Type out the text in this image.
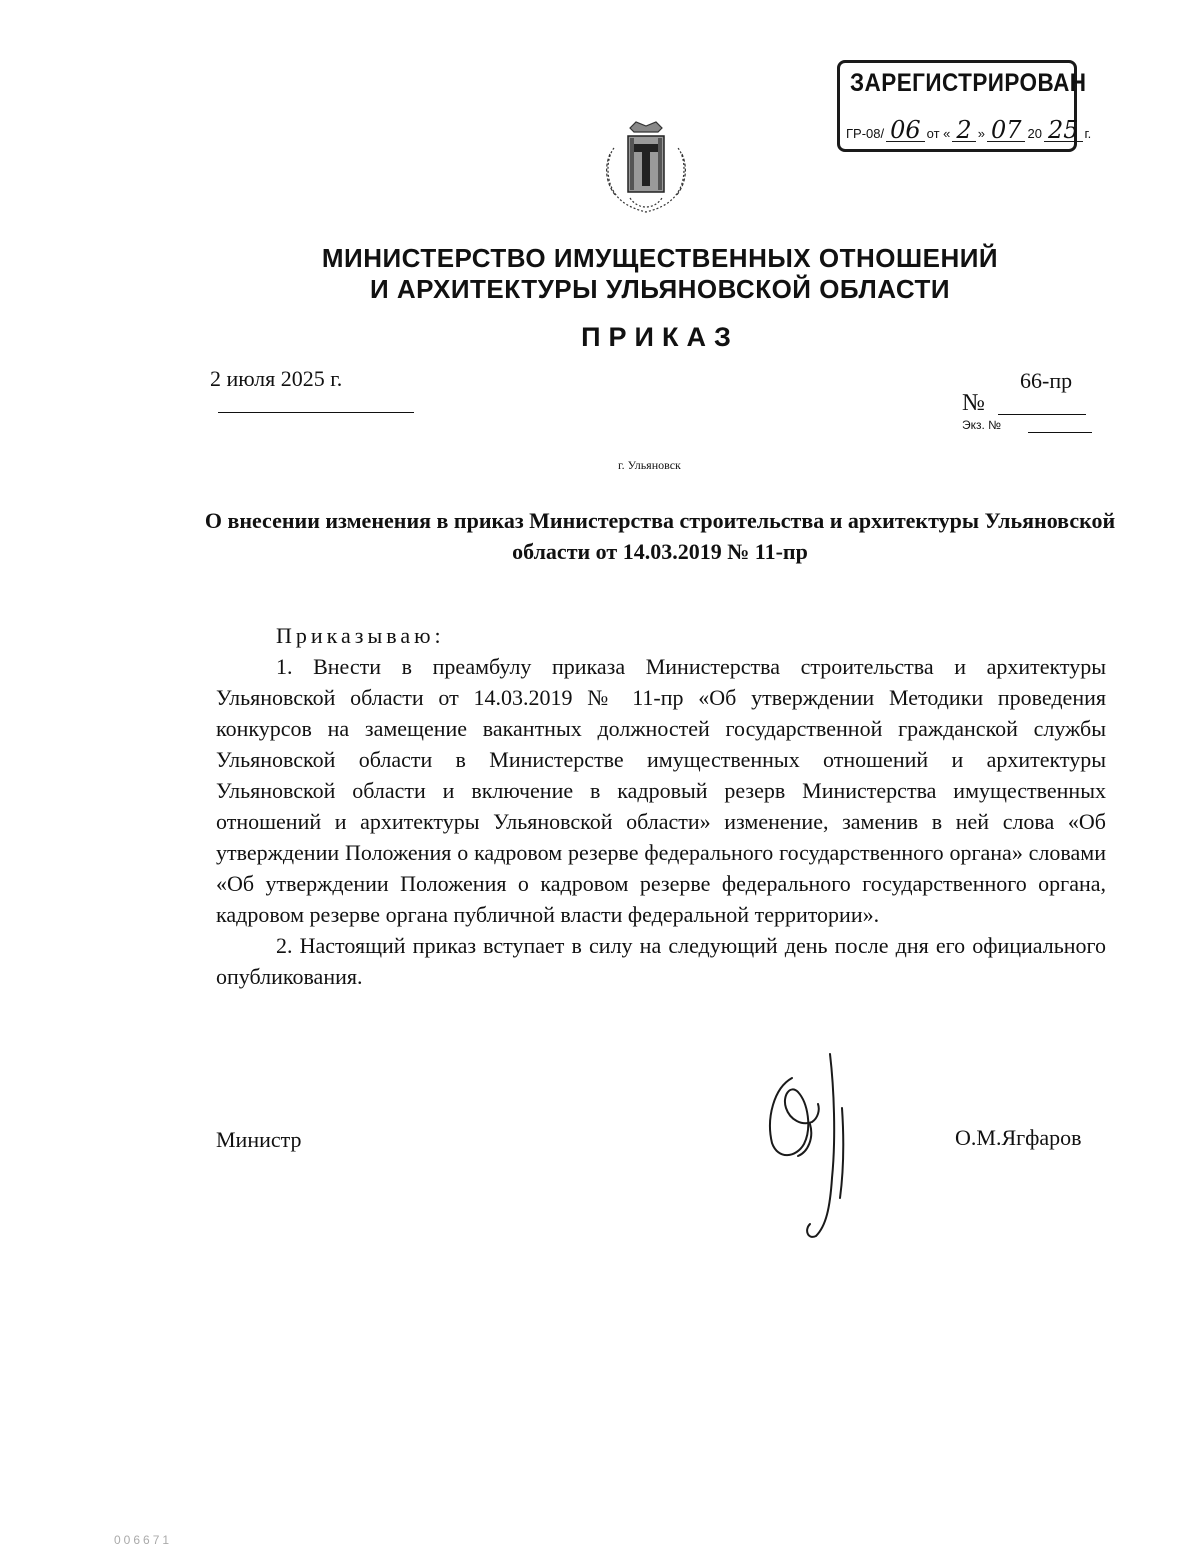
ЗАРЕГИСТРИРОВАН
ГР-08/ 06 от « 2 » 07 20 25 г.
МИНИСТЕРСТВО ИМУЩЕСТВЕННЫХ ОТНОШЕНИЙ
И АРХИТЕКТУРЫ УЛЬЯНОВСКОЙ ОБЛАСТИ
ПРИКАЗ
2 июля 2025 г.	66-пр
№
Экз. №
г. Ульяновск
О внесении изменения в приказ Министерства строительства и архитектуры Ульяновской области от 14.03.2019 № 11-пр

Приказываю:

1. Внести в преамбулу приказа Министерства строительства и архитектуры Ульяновской области от 14.03.2019 № 11-пр «Об утверждении Методики проведения конкурсов на замещение вакантных должностей государственной гражданской службы Ульяновской области в Министерстве имущественных отношений и архитектуры Ульяновской области и включение в кадровый резерв Министерства имущественных отношений и архитектуры Ульяновской области» изменение, заменив в ней слова «Об утверждении Положения о кадровом резерве федерального государственного органа» словами «Об утверждении Положения о кадровом резерве федерального государственного органа, кадровом резерве органа публичной власти федеральной территории».

2. Настоящий приказ вступает в силу на следующий день после дня его официального опубликования.

Министр	О.М.Ягфаров
006671
